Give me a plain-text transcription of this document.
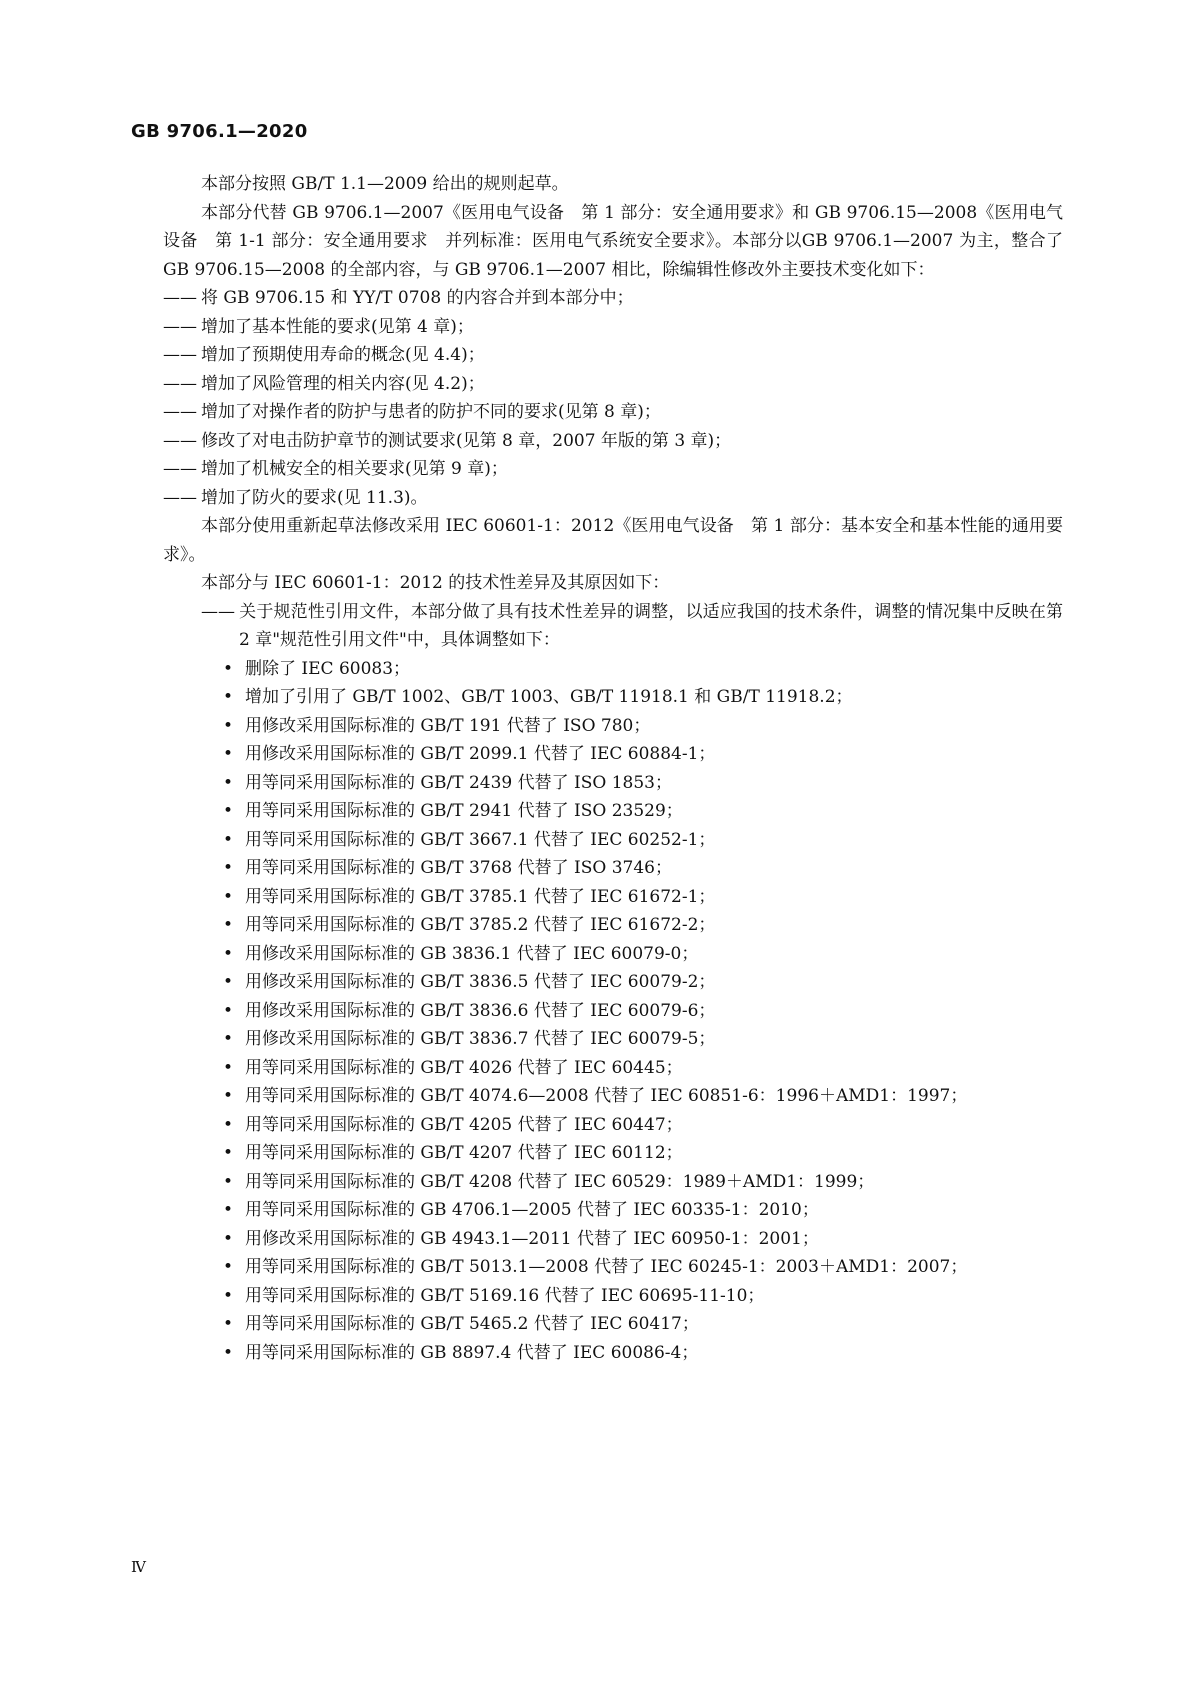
GB 9706.1—2020

本部分按照 GB/T 1.1—2009 给出的规则起草。

本部分代替 GB 9706.1—2007《医用电气设备　第 1 部分：安全通用要求》和 GB 9706.15—2008《医用电气设备　第 1-1 部分：安全通用要求　并列标准：医用电气系统安全要求》。本部分以GB 9706.1—2007 为主，整合了 GB 9706.15—2008 的全部内容，与 GB 9706.1—2007 相比，除编辑性修改外主要技术变化如下：

—— 将 GB 9706.15 和 YY/T 0708 的内容合并到本部分中；

—— 增加了基本性能的要求(见第 4 章)；

—— 增加了预期使用寿命的概念(见 4.4)；

—— 增加了风险管理的相关内容(见 4.2)；

—— 增加了对操作者的防护与患者的防护不同的要求(见第 8 章)；

—— 修改了对电击防护章节的测试要求(见第 8 章，2007 年版的第 3 章)；

—— 增加了机械安全的相关要求(见第 9 章)；

—— 增加了防火的要求(见 11.3)。

本部分使用重新起草法修改采用 IEC 60601-1：2012《医用电气设备　第 1 部分：基本安全和基本性能的通用要求》。

本部分与 IEC 60601-1：2012 的技术性差异及其原因如下：

—— 关于规范性引用文件，本部分做了具有技术性差异的调整，以适应我国的技术条件，调整的情况集中反映在第 2 章"规范性引用文件"中，具体调整如下：

• 删除了 IEC 60083；
• 增加了引用了 GB/T 1002、GB/T 1003、GB/T 11918.1 和 GB/T 11918.2；
• 用修改采用国际标准的 GB/T 191 代替了 ISO 780；
• 用修改采用国际标准的 GB/T 2099.1 代替了 IEC 60884-1；
• 用等同采用国际标准的 GB/T 2439 代替了 ISO 1853；
• 用等同采用国际标准的 GB/T 2941 代替了 ISO 23529；
• 用等同采用国际标准的 GB/T 3667.1 代替了 IEC 60252-1；
• 用等同采用国际标准的 GB/T 3768 代替了 ISO 3746；
• 用等同采用国际标准的 GB/T 3785.1 代替了 IEC 61672-1；
• 用等同采用国际标准的 GB/T 3785.2 代替了 IEC 61672-2；
• 用修改采用国际标准的 GB 3836.1 代替了 IEC 60079-0；
• 用修改采用国际标准的 GB/T 3836.5 代替了 IEC 60079-2；
• 用修改采用国际标准的 GB/T 3836.6 代替了 IEC 60079-6；
• 用修改采用国际标准的 GB/T 3836.7 代替了 IEC 60079-5；
• 用等同采用国际标准的 GB/T 4026 代替了 IEC 60445；
• 用等同采用国际标准的 GB/T 4074.6—2008 代替了 IEC 60851-6：1996＋AMD1：1997；
• 用等同采用国际标准的 GB/T 4205 代替了 IEC 60447；
• 用等同采用国际标准的 GB/T 4207 代替了 IEC 60112；
• 用等同采用国际标准的 GB/T 4208 代替了 IEC 60529：1989＋AMD1：1999；
• 用等同采用国际标准的 GB 4706.1—2005 代替了 IEC 60335-1：2010；
• 用修改采用国际标准的 GB 4943.1—2011 代替了 IEC 60950-1：2001；
• 用等同采用国际标准的 GB/T 5013.1—2008 代替了 IEC 60245-1：2003＋AMD1：2007；
• 用等同采用国际标准的 GB/T 5169.16 代替了 IEC 60695-11-10；
• 用等同采用国际标准的 GB/T 5465.2 代替了 IEC 60417；
• 用等同采用国际标准的 GB 8897.4 代替了 IEC 60086-4；
Ⅳ
